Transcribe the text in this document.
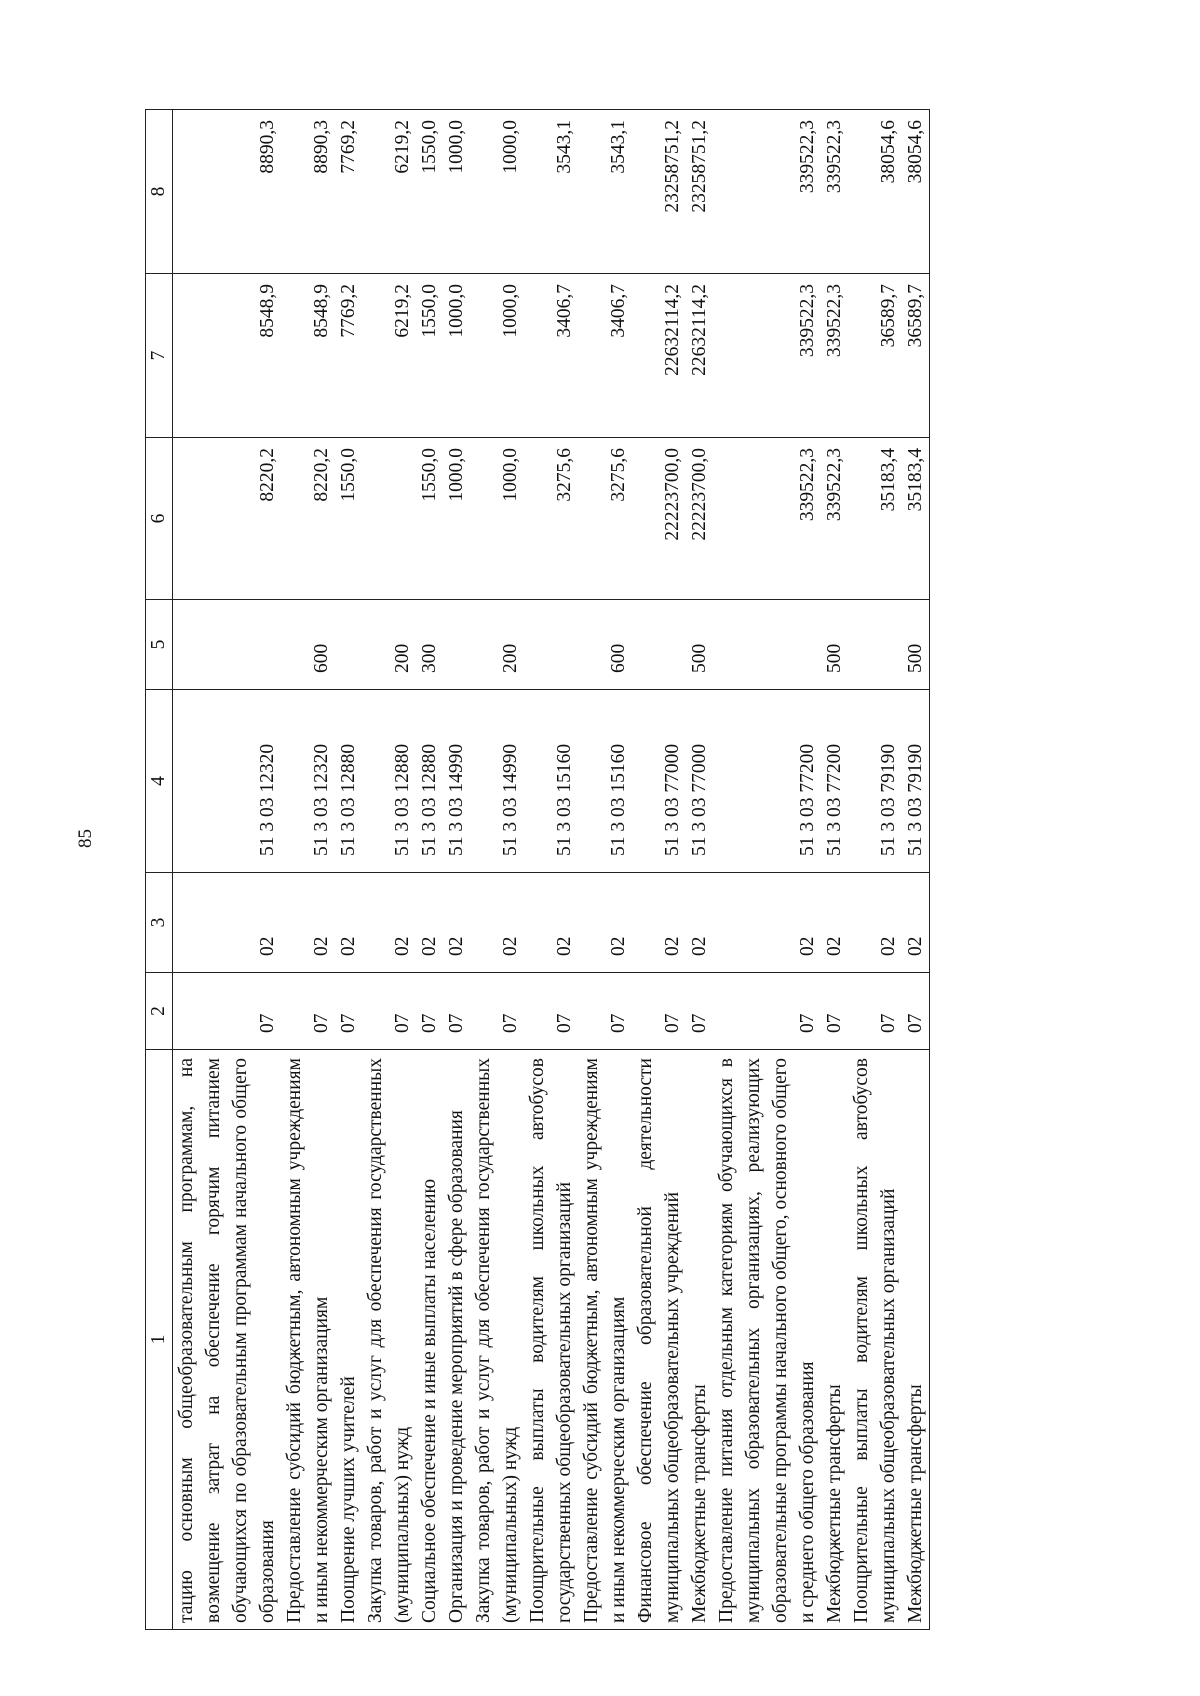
85
1	2	3	4	5	6	7	8
тацию основным общеобразовательным программам, на возмещение затрат на обеспечение горячим питанием обучающихся по образовательным программам начального общего образования	07	02	51 3 03 12320		8220,2	8548,9	8890,3
Предоставление субсидий бюджетным, автономным учреждениям и иным некоммерческим организациям	07	02	51 3 03 12320	600	8220,2	8548,9	8890,3
Поощрение лучших учителей	07	02	51 3 03 12880		1550,0	7769,2	7769,2
Закупка товаров, работ и услуг для обеспечения государственных (муниципальных) нужд	07	02	51 3 03 12880	200		6219,2	6219,2
Социальное обеспечение и иные выплаты населению	07	02	51 3 03 12880	300	1550,0	1550,0	1550,0
Организация и проведение мероприятий в сфере образования	07	02	51 3 03 14990		1000,0	1000,0	1000,0
Закупка товаров, работ и услуг для обеспечения государственных (муниципальных) нужд	07	02	51 3 03 14990	200	1000,0	1000,0	1000,0
Поощрительные выплаты водителям школьных автобусов государственных общеобразовательных организаций	07	02	51 3 03 15160		3275,6	3406,7	3543,1
Предоставление субсидий бюджетным, автономным учреждениям и иным некоммерческим организациям	07	02	51 3 03 15160	600	3275,6	3406,7	3543,1
Финансовое обеспечение образовательной деятельности муниципальных общеобразовательных учреждений	07	02	51 3 03 77000		22223700,0	22632114,2	23258751,2
Межбюджетные трансферты	07	02	51 3 03 77000	500	22223700,0	22632114,2	23258751,2
Предоставление питания отдельным категориям обучающихся в муниципальных образовательных организациях, реализующих образовательные программы начального общего, основного общего и среднего общего образования	07	02	51 3 03 77200		339522,3	339522,3	339522,3
Межбюджетные трансферты	07	02	51 3 03 77200	500	339522,3	339522,3	339522,3
Поощрительные выплаты водителям школьных автобусов муниципальных общеобразовательных организаций	07	02	51 3 03 79190		35183,4	36589,7	38054,6
Межбюджетные трансферты	07	02	51 3 03 79190	500	35183,4	36589,7	38054,6
